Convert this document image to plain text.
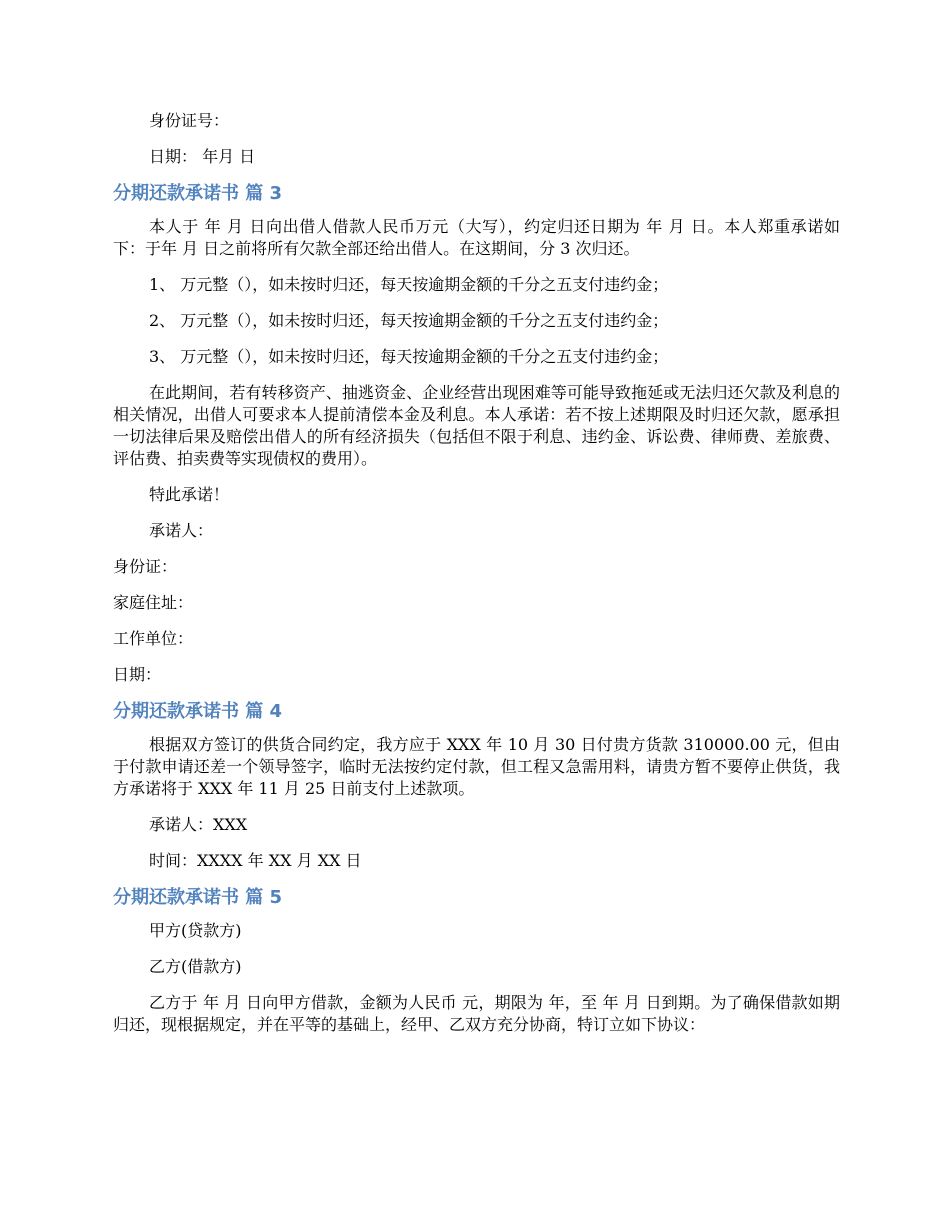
身份证号：

日期： 年月 日

分期还款承诺书 篇 3

本人于 年 月 日向出借人借款人民币万元（大写），约定归还日期为 年 月 日。本人郑重承诺如下：于年 月 日之前将所有欠款全部还给出借人。在这期间，分 3 次归还。

1、 万元整（），如未按时归还，每天按逾期金额的千分之五支付违约金；

2、 万元整（），如未按时归还，每天按逾期金额的千分之五支付违约金；

3、 万元整（），如未按时归还，每天按逾期金额的千分之五支付违约金；

在此期间，若有转移资产、抽逃资金、企业经营出现困难等可能导致拖延或无法归还欠款及利息的相关情况，出借人可要求本人提前清偿本金及利息。本人承诺：若不按上述期限及时归还欠款，愿承担一切法律后果及赔偿出借人的所有经济损失（包括但不限于利息、违约金、诉讼费、律师费、差旅费、评估费、拍卖费等实现债权的费用）。

特此承诺！

承诺人：

身份证：

家庭住址：

工作单位：

日期：

分期还款承诺书 篇 4

根据双方签订的供货合同约定，我方应于 XXX 年 10 月 30 日付贵方货款 310000.00 元，但由于付款申请还差一个领导签字，临时无法按约定付款，但工程又急需用料，请贵方暂不要停止供货，我方承诺将于 XXX 年 11 月 25 日前支付上述款项。

承诺人：XXX

时间：XXXX 年 XX 月 XX 日

分期还款承诺书 篇 5

甲方(贷款方)

乙方(借款方)

乙方于 年 月 日向甲方借款，金额为人民币 元，期限为 年，至 年 月 日到期。为了确保借款如期归还，现根据规定，并在平等的基础上，经甲、乙双方充分协商，特订立如下协议：
